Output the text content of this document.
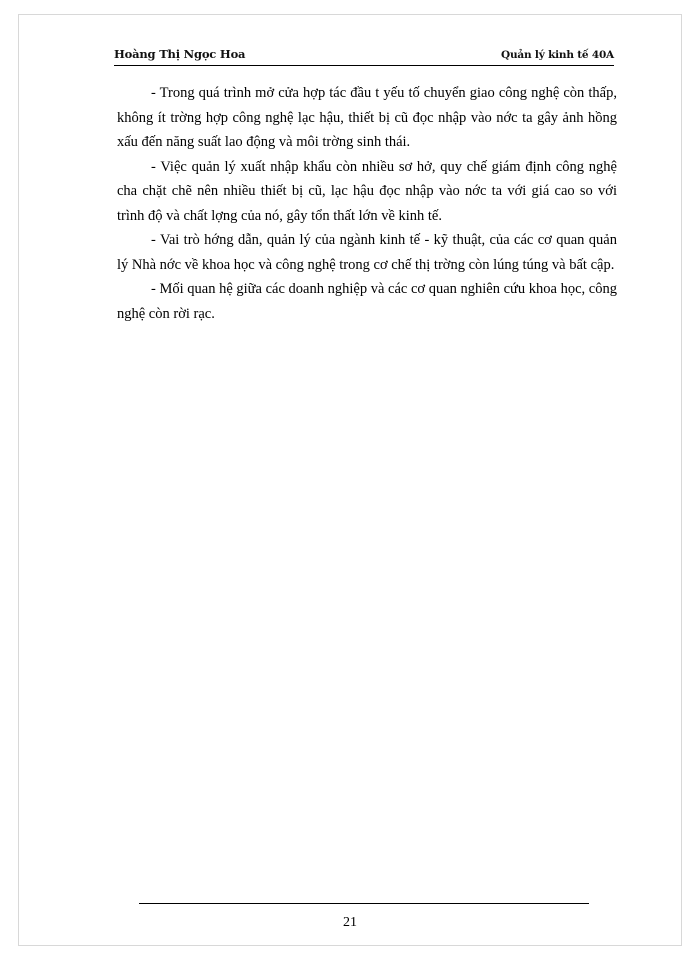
Hoàng Thị Ngọc Hoa	Quản lý kinh tế 40A

- Trong quá trình mở cửa hợp tác đầu t yếu tố chuyển giao công nghệ còn thấp, không ít trờng hợp công nghệ lạc hậu, thiết bị cũ đọc nhập vào nớc ta gây ảnh hồng xấu đến năng suất lao động và môi trờng sinh thái.

- Việc quản lý xuất nhập khẩu còn nhiều sơ hở, quy chế giám định công nghệ cha chặt chẽ nên nhiều thiết bị cũ, lạc hậu đọc nhập vào nớc ta với giá cao so với trình độ và chất lợng của nó, gây tổn thất lớn về kinh tế.

- Vai trò hớng dẫn, quản lý của ngành kinh tế - kỹ thuật, của các cơ quan quản lý Nhà nớc về khoa học và công nghệ trong cơ chế thị trờng còn lúng túng và bất cập.

- Mối quan hệ giữa các doanh nghiệp và các cơ quan nghiên cứu khoa học, công nghệ còn rời rạc.

21
